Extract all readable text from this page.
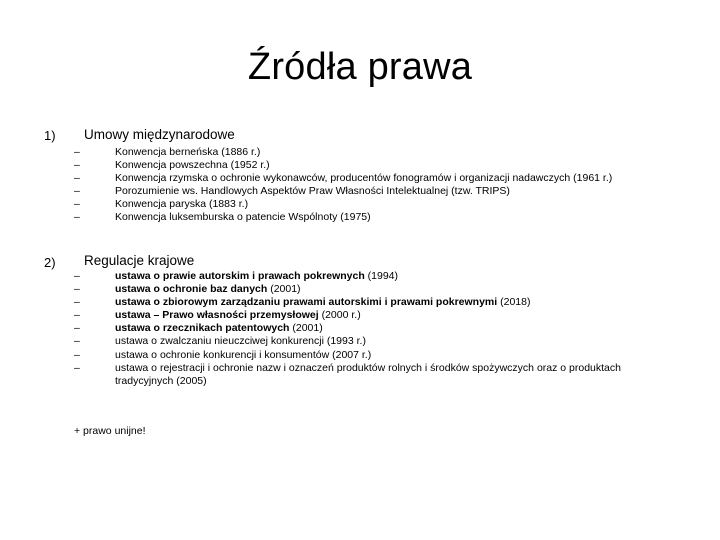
Źródła prawa
1) Umowy międzynarodowe
–	Konwencja berneńska (1886 r.)
–	Konwencja powszechna (1952 r.)
–	Konwencja rzymska o ochronie wykonawców, producentów fonogramów i organizacji nadawczych (1961 r.)
–	Porozumienie ws. Handlowych Aspektów Praw Własności Intelektualnej (tzw. TRIPS)
–	Konwencja paryska (1883 r.)
–	Konwencja luksemburska o patencie Wspólnoty (1975)
2) Regulacje krajowe
–	ustawa o prawie autorskim i prawach pokrewnych (1994)
–	ustawa o ochronie baz danych (2001)
–	ustawa o zbiorowym zarządzaniu prawami autorskimi i prawami pokrewnymi (2018)
–	ustawa – Prawo własności przemysłowej (2000 r.)
–	ustawa o rzecznikach patentowych (2001)
–	ustawa o zwalczaniu nieuczciwej konkurencji (1993 r.)
–	ustawa o ochronie konkurencji i konsumentów (2007 r.)
–	ustawa o rejestracji i ochronie nazw i oznaczeń produktów rolnych i środków spożywczych oraz o produktach tradycyjnych (2005)
+ prawo unijne!
